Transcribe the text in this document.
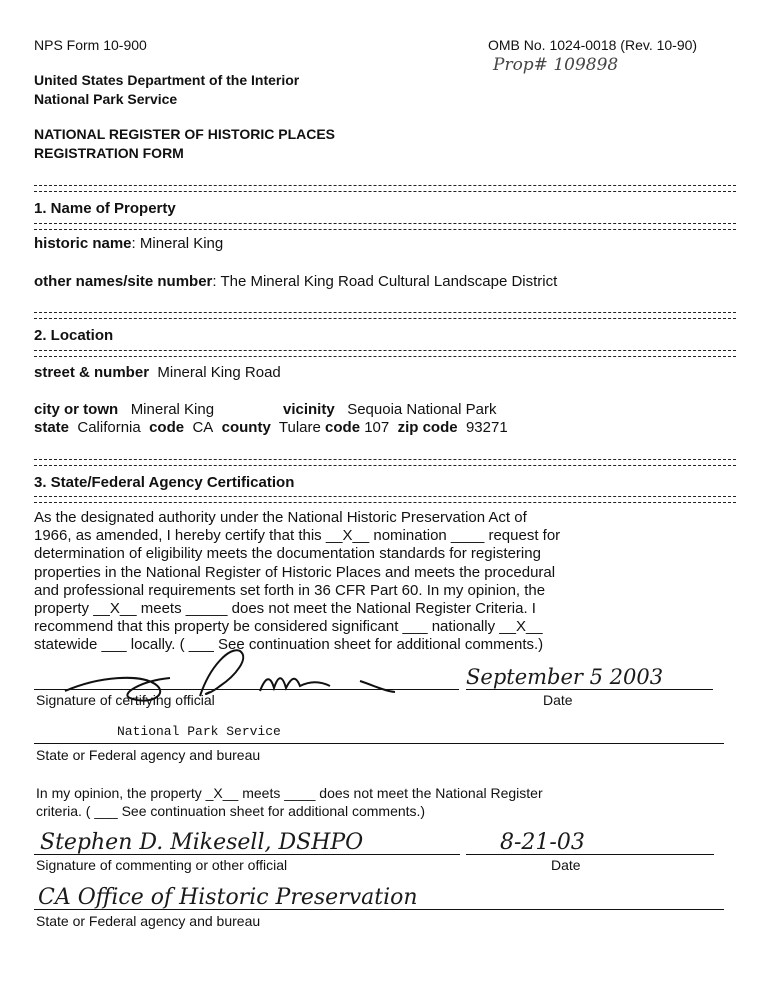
NPS Form 10-900	OMB No. 1024-0018 (Rev. 10-90)
Prop# 109898
United States Department of the Interior
National Park Service
NATIONAL REGISTER OF HISTORIC PLACES
REGISTRATION FORM
1. Name of Property
historic name: Mineral King
other names/site number: The Mineral King Road Cultural Landscape District
2. Location
street & number Mineral King Road
city or town Mineral King	vicinity Sequoia National Park
state California code CA county Tulare code 107 zip code 93271
3. State/Federal Agency Certification
As the designated authority under the National Historic Preservation Act of
1966, as amended, I hereby certify that this __X__ nomination ____ request for
determination of eligibility meets the documentation standards for registering
properties in the National Register of Historic Places and meets the procedural
and professional requirements set forth in 36 CFR Part 60. In my opinion, the
property __X__ meets _____ does not meet the National Register Criteria. I
recommend that this property be considered significant ___ nationally __X__
statewide ___ locally. ( ___ See continuation sheet for additional comments.)
September 5 2003
Signature of certifying official	Date
National Park Service
State or Federal agency and bureau
In my opinion, the property _X__ meets ____ does not meet the National Register
criteria. ( ___ See continuation sheet for additional comments.)
Stephen D. Mikesell, DSHPO	8-21-03
Signature of commenting or other official	Date
CA Office of Historic Preservation
State or Federal agency and bureau
